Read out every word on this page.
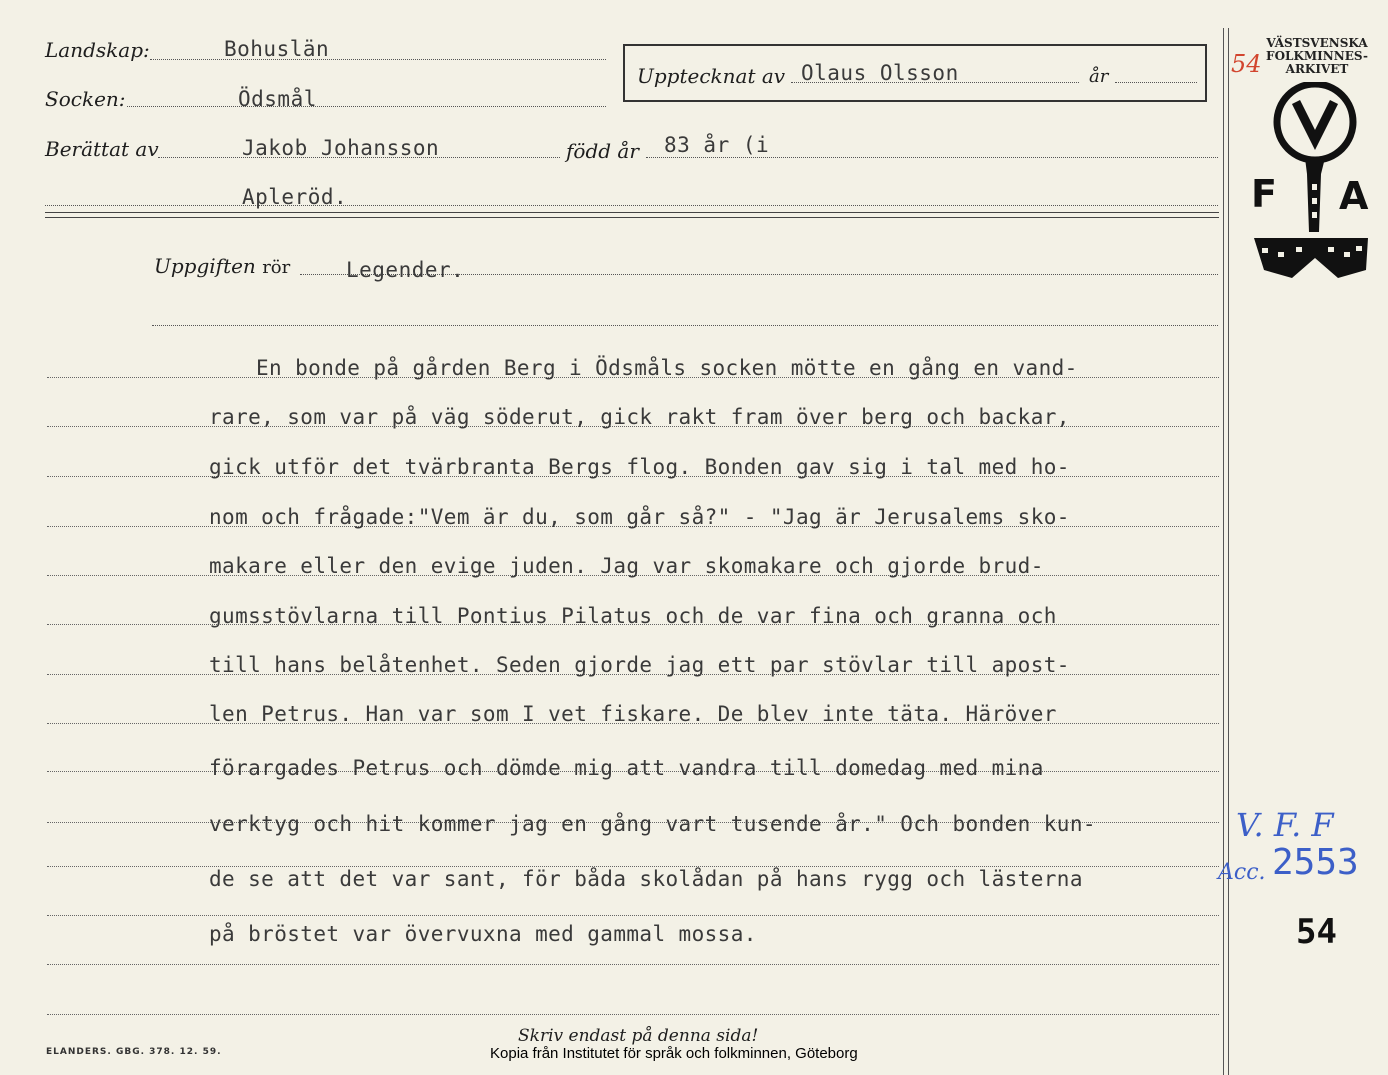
Landskap:	Bohuslän
Socken:	Ödsmål
Berättat av	Jakob Johansson	född år 83 år (i
Apleröd.
Upptecknat av Olaus Olsson	år
VÄSTSVENSKA
FOLKMINNES-
ARKIVET
54
F A
Uppgiften rör	Legender.
En bonde på gården Berg i Ödsmåls socken mötte en gång en vand-
rare, som var på väg söderut, gick rakt fram över berg och backar,
gick utför det tvärbranta Bergs flog. Bonden gav sig i tal med ho-
nom och frågade:"Vem är du, som går så?" - "Jag är Jerusalems sko-
makare eller den evige juden. Jag var skomakare och gjorde brud-
gumsstövlarna till Pontius Pilatus och de var fina och granna och
till hans belåtenhet. Seden gjorde jag ett par stövlar till apost-
len Petrus. Han var som I vet fiskare. De blev inte täta. Häröver
förargades Petrus och dömde mig att vandra till domedag med mina
verktyg och hit kommer jag en gång vart tusende år." Och bonden kun-
de se att det var sant, för båda skolådan på hans rygg och lästerna
på bröstet var övervuxna med gammal mossa.
V. F. F
Acc. 2553
54
ELANDERS. GBG. 378. 12. 59.
Skriv endast på denna sida!
Kopia från Institutet för språk och folkminnen, Göteborg
